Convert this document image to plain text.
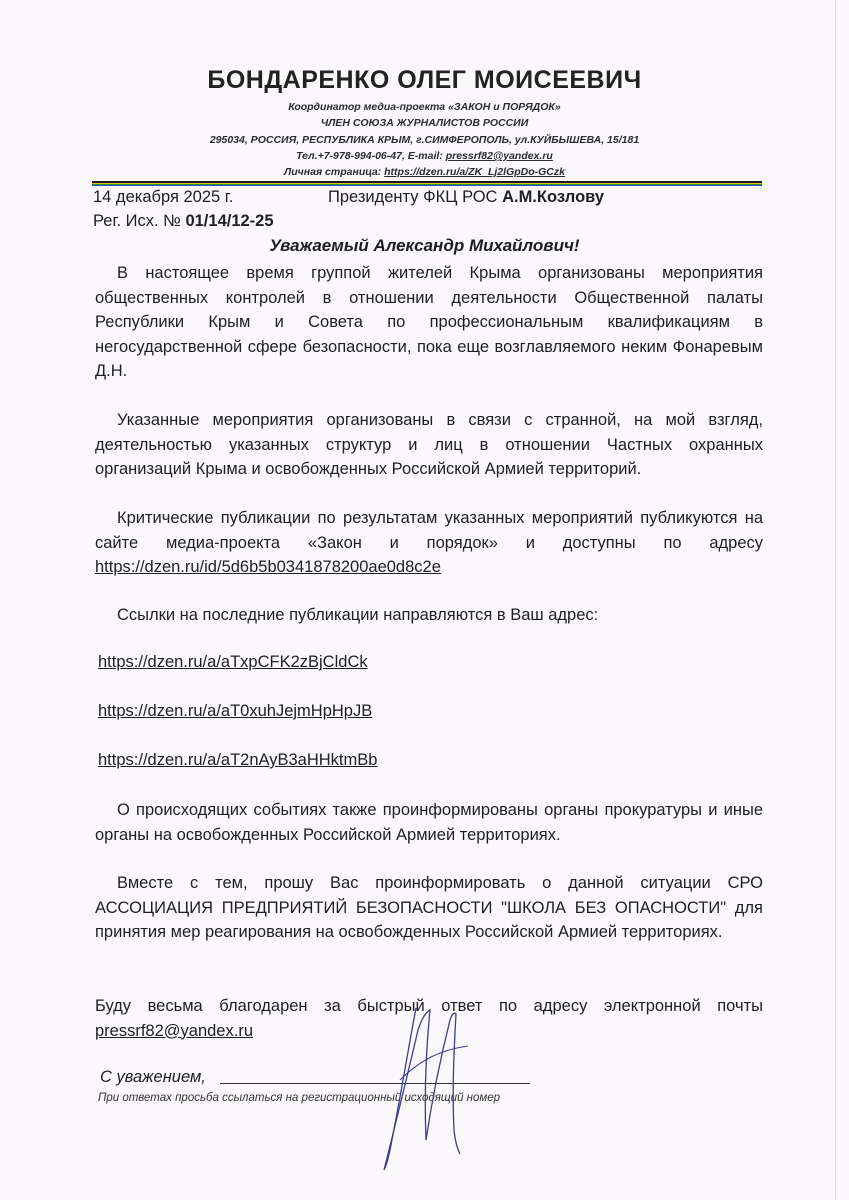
БОНДАРЕНКО ОЛЕГ МОИСЕЕВИЧ
Координатор медиа-проекта «ЗАКОН и ПОРЯДОК»
ЧЛЕН СОЮЗА ЖУРНАЛИСТОВ РОССИИ
295034, РОССИЯ, РЕСПУБЛИКА КРЫМ, г.СИМФЕРОПОЛЬ, ул.КУЙБЫШЕВА, 15/181
Тел.+7-978-994-06-47, E-mail: pressrf82@yandex.ru
Личная страница: https://dzen.ru/a/ZK_Lj2lGpDo-GCzk
14 декабря 2025 г.	Президенту ФКЦ РОС А.М.Козлову
Рег. Исх. № 01/14/12-25
Уважаемый Александр Михайлович!
В настоящее время группой жителей Крыма организованы мероприятия общественных контролей в отношении деятельности Общественной палаты Республики Крым и Совета по профессиональным квалификациям в негосударственной сфере безопасности, пока еще возглавляемого неким Фонаревым Д.Н.
Указанные мероприятия организованы в связи с странной, на мой взгляд, деятельностью указанных структур и лиц в отношении Частных охранных организаций Крыма и освобожденных Российской Армией территорий.
Критические публикации по результатам указанных мероприятий публикуются на сайте медиа-проекта «Закон и порядок» и доступны по адресу https://dzen.ru/id/5d6b5b0341878200ae0d8c2e
Ссылки на последние публикации направляются в Ваш адрес:
https://dzen.ru/a/aTxpCFK2zBjCldCk
https://dzen.ru/a/aT0xuhJejmHpHpJB
https://dzen.ru/a/aT2nAyB3aHHktmBb
О происходящих событиях также проинформированы органы прокуратуры и иные органы на освобожденных Российской Армией территориях.
Вместе с тем, прошу Вас проинформировать о данной ситуации СРО АССОЦИАЦИЯ ПРЕДПРИЯТИЙ БЕЗОПАСНОСТИ "ШКОЛА БЕЗ ОПАСНОСТИ" для принятия мер реагирования на освобожденных Российской Армией территориях.
Буду весьма благодарен за быстрый ответ по адресу электронной почты pressrf82@yandex.ru
С уважением,
При ответах просьба ссылаться на регистрационный исходящий номер
